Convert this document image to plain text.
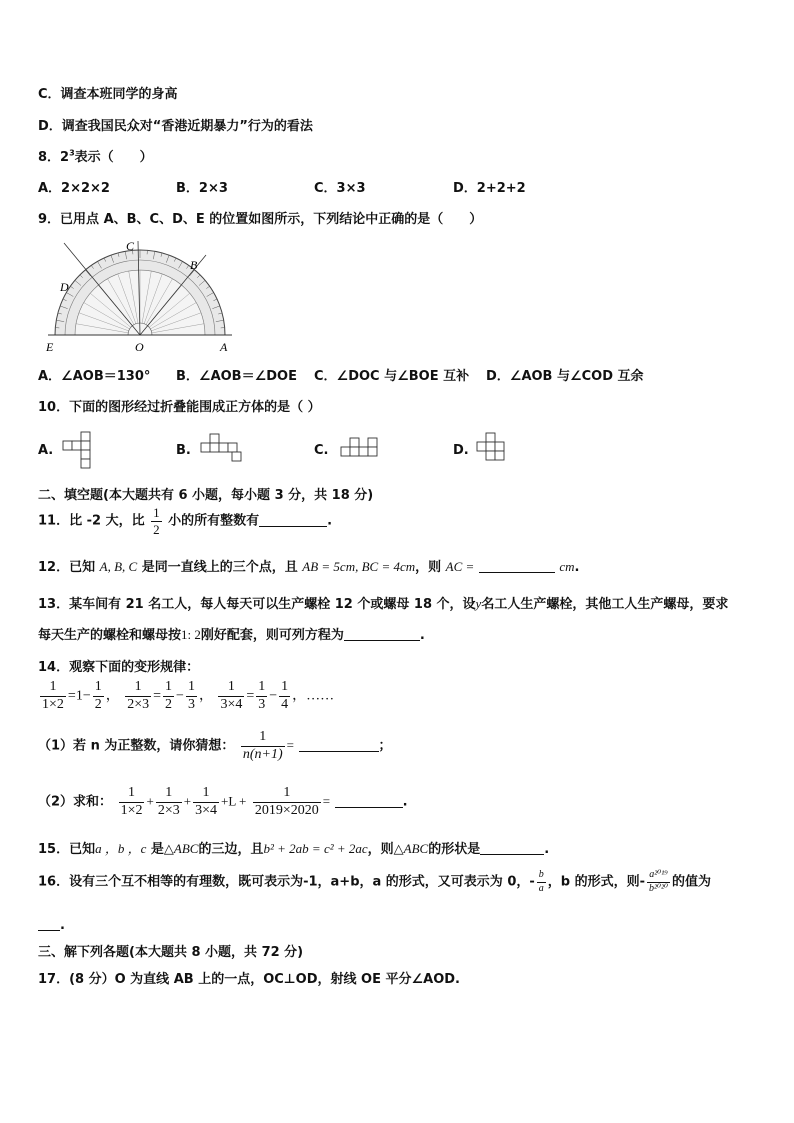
C．调查本班同学的身高
D．调查我国民众对“香港近期暴力”行为的看法
8．$2^3$表示（　　）
A．2×2×2	B．2×3	C．3×3	D．2+2+2
9．已用点 A、B、C、D、E 的位置如图所示，下列结论中正确的是（　　）
C
B
D
E	O	A
A．∠AOB＝130° B．∠AOB＝∠DOE C．∠DOC 与∠BOE 互补 D．∠AOB 与∠COD 互余
10．下面的图形经过折叠能围成正方体的是（ ）
A.	B.	C.	D.
二、填空题(本大题共有 6 小题，每小题 3 分，共 18 分)
11．比 -2 大，比 $\frac{1}{2}$ 小的所有整数有	.
12．已知 A, B, C 是同一直线上的三个点，且 AB = 5cm, BC = 4cm，则 AC =	cm.
13．某车间有 21 名工人，每人每天可以生产螺栓 12 个或螺母 18 个，设y名工人生产螺栓，其他工人生产螺母，要求
每天生产的螺栓和螺母按1: 2刚好配套，则可列方程为	.
14．观察下面的变形规律：
$\frac{1}{1\times 2} =1- \frac{1}{2}$ ， $\frac{1}{2\times 3} = \frac{1}{2} - \frac{1}{3}$ ， $\frac{1}{3\times 4} = \frac{1}{3} - \frac{1}{4}$ ，……
（1）若 n 为正整数，请你猜想： $\frac{1}{n(n+1)}$ =	；
（2）求和： $\frac{1}{1\times 2} + \frac{1}{2\times 3} + \frac{1}{3\times 4} +L + \frac{1}{2019\times 2020}$ =	.
15．已知a ，b ，c 是△ABC的三边，且b² + 2ab = c² + 2ac，则△ABC的形状是	.
16．设有三个互不相等的有理数，既可表示为-1，a+b，a 的形式，又可表示为 0，- $\frac{b}{a}$ ，b 的形式，则- $\frac{\text{a²⁰¹⁹}}{\text{b²⁰²⁰}}$ 的值为
.
三、解下列各题(本大题共 8 小题，共 72 分)
17．(8 分）O 为直线 AB 上的一点，OC⊥OD，射线 OE 平分∠AOD.
